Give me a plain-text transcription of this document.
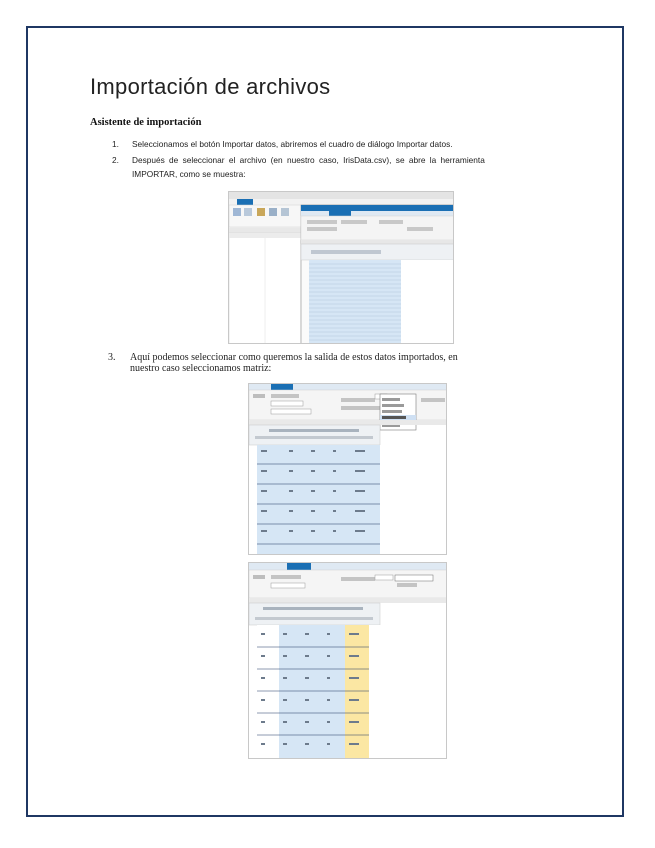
Importación de archivos
Asistente de importación
1. Seleccionamos el botón Importar datos, abriremos el cuadro de diálogo Importar datos.
2. Después de seleccionar el archivo (en nuestro caso, IrisData.csv), se abre la herramienta
IMPORTAR, como se muestra:
3. Aquí podemos seleccionar como queremos la salida de estos datos importados, en
nuestro caso seleccionamos matriz:
